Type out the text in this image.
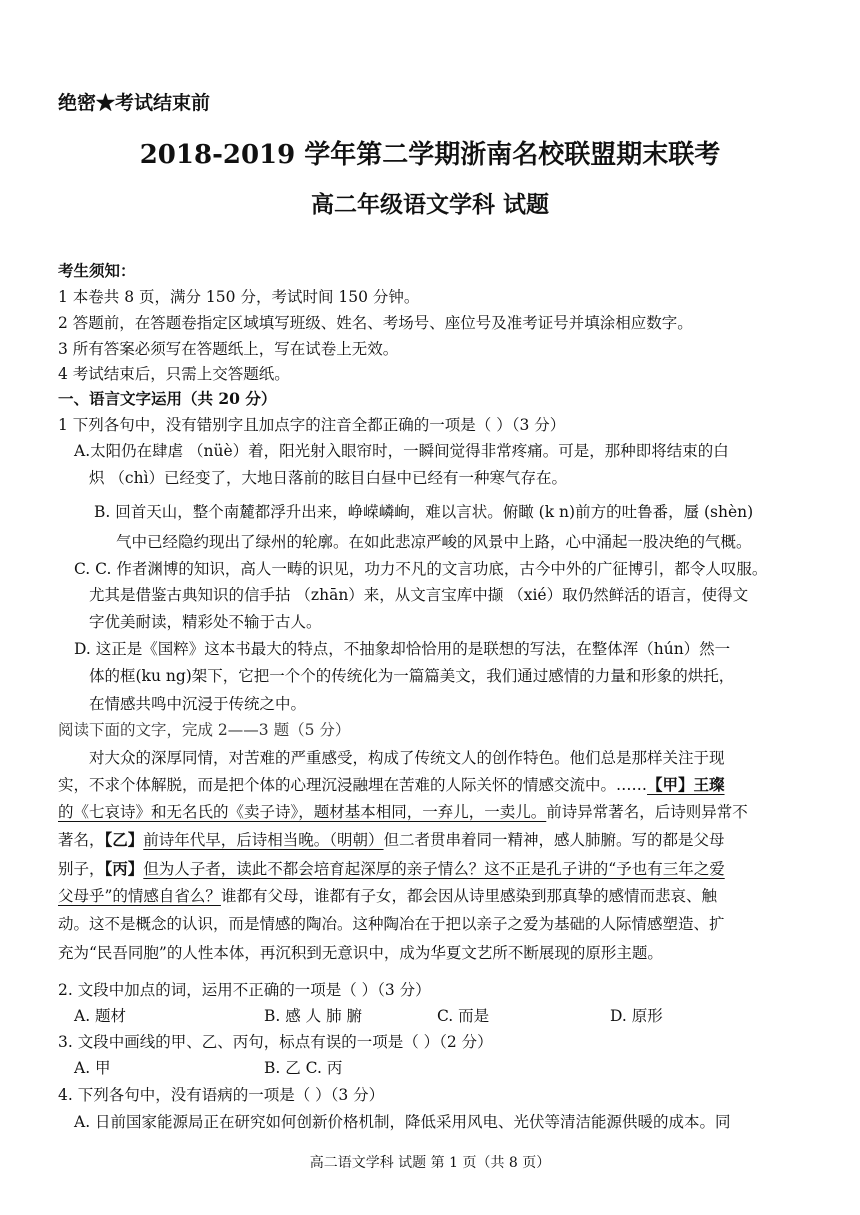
绝密★考试结束前
2018-2019 学年第二学期浙南名校联盟期末联考
高二年级语文学科 试题
考生须知：
1 本卷共 8 页，满分 150 分，考试时间 150 分钟。
2 答题前，在答题卷指定区域填写班级、姓名、考场号、座位号及准考证号并填涂相应数字。
3 所有答案必须写在答题纸上，写在试卷上无效。
4 考试结束后，只需上交答题纸。
一、语言文字运用（共 20 分）
1 下列各句中，没有错别字且加点字的注音全都正确的一项是（ ）（3 分）
A.太阳仍在肆虐 （nüè）着，阳光射入眼帘时，一瞬间觉得非常疼痛。可是，那种即将结束的白
炽 （chì）已经变了，大地日落前的眩目白昼中已经有一种寒气存在。
B. 回首天山，整个南麓都浮升出来，峥嵘嶙峋，难以言状。俯瞰 (k n)前方的吐鲁番，蜃 (shèn)
气中已经隐约现出了绿州的轮廓。在如此悲凉严峻的风景中上路，心中涌起一股决绝的气概。
C. C. 作者渊博的知识，高人一畴的识见，功力不凡的文言功底，古今中外的广征博引，都令人叹服。
尤其是借鉴古典知识的信手拈 （zhān）来，从文言宝库中撷 （xié）取仍然鲜活的语言，使得文
字优美耐读，精彩处不输于古人。
D. 这正是《国粹》这本书最大的特点，不抽象却恰恰用的是联想的写法，在整体浑（hún）然一
体的框(ku ng)架下，它把一个个的传统化为一篇篇美文，我们通过感情的力量和形象的烘托，
在情感共鸣中沉浸于传统之中。
阅读下面的文字，完成 2——3 题（5 分）
对大众的深厚同情，对苦难的严重感受，构成了传统文人的创作特色。他们总是那样关注于现
实，不求个体解脱，而是把个体的心理沉浸融埋在苦难的人际关怀的情感交流中。……【甲】王璨
的《七哀诗》和无名氏的《卖子诗》，题材基本相同，一弃儿，一卖儿。前诗异常著名，后诗则异常不
著名，【乙】前诗年代早，后诗相当晚。（明朝）但二者贯串着同一精神，感人肺腑。写的都是父母
别子，【丙】但为人子者，读此不都会培育起深厚的亲子情么？这不正是孔子讲的“予也有三年之爱
父母乎”的情感自省么？谁都有父母，谁都有子女，都会因从诗里感染到那真挚的感情而悲哀、触
动。这不是概念的认识，而是情感的陶冶。这种陶冶在于把以亲子之爱为基础的人际情感塑造、扩
充为“民吾同胞”的人性本体，再沉积到无意识中，成为华夏文艺所不断展现的原形主题。
2. 文段中加点的词，运用不正确的一项是（ ）（3 分）
A. 题材	B. 感 人 肺 腑	C. 而是	D. 原形
3. 文段中画线的甲、乙、丙句，标点有误的一项是（ ）（2 分）
A. 甲	B. 乙 C. 丙
4. 下列各句中，没有语病的一项是（ ）（3 分）
A. 日前国家能源局正在研究如何创新价格机制，降低采用风电、光伏等清洁能源供暖的成本。同
高二语文学科 试题 第 1 页（共 8 页）
